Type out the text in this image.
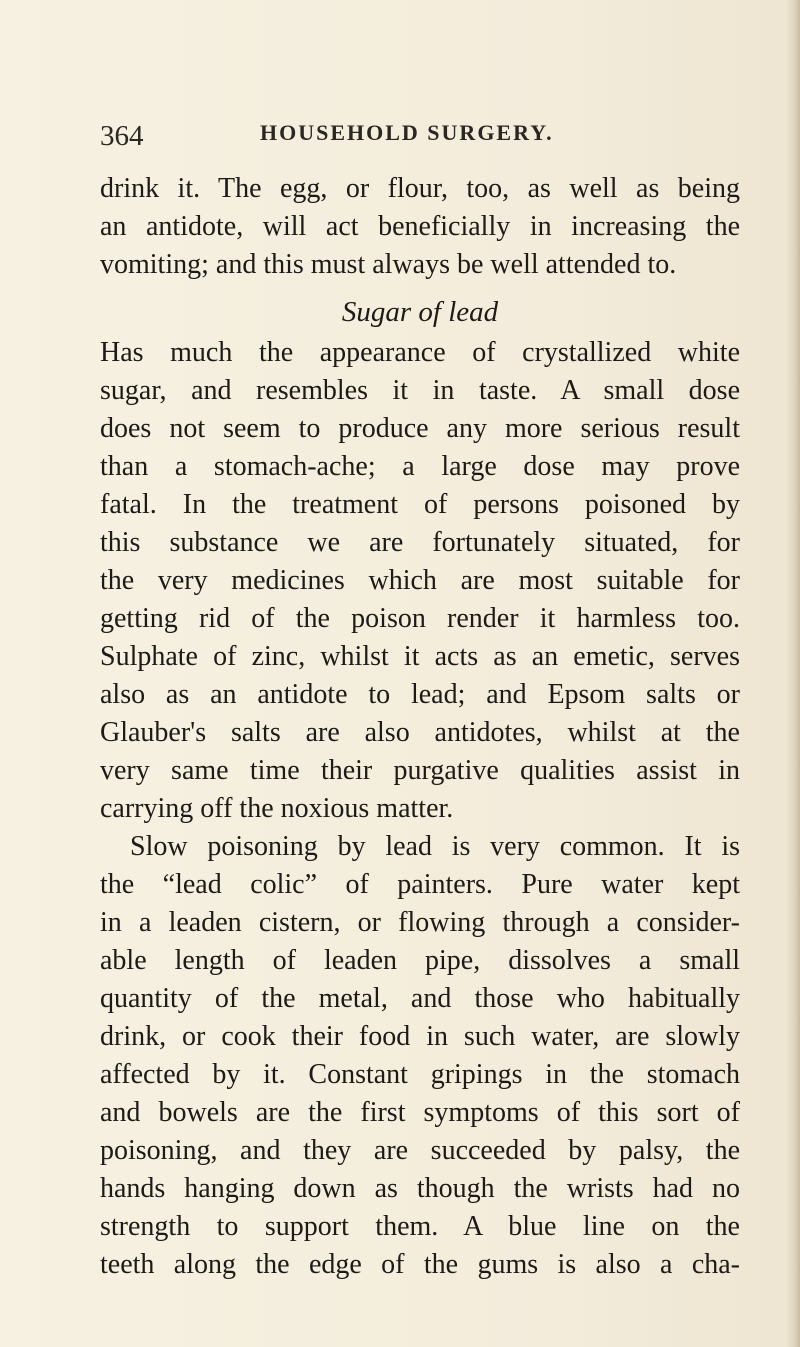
364	HOUSEHOLD SURGERY.
drink it. The egg, or flour, too, as well as being
an antidote, will act beneficially in increasing the
vomiting; and this must always be well attended to.
Sugar of lead
Has much the appearance of crystallized white
sugar, and resembles it in taste. A small dose
does not seem to produce any more serious result
than a stomach-ache; a large dose may prove
fatal. In the treatment of persons poisoned by
this substance we are fortunately situated, for
the very medicines which are most suitable for
getting rid of the poison render it harmless too.
Sulphate of zinc, whilst it acts as an emetic, serves
also as an antidote to lead; and Epsom salts or
Glauber's salts are also antidotes, whilst at the
very same time their purgative qualities assist in
carrying off the noxious matter.
Slow poisoning by lead is very common. It is
the “lead colic” of painters. Pure water kept
in a leaden cistern, or flowing through a consider-
able length of leaden pipe, dissolves a small
quantity of the metal, and those who habitually
drink, or cook their food in such water, are slowly
affected by it. Constant gripings in the stomach
and bowels are the first symptoms of this sort of
poisoning, and they are succeeded by palsy, the
hands hanging down as though the wrists had no
strength to support them. A blue line on the
teeth along the edge of the gums is also a cha-
